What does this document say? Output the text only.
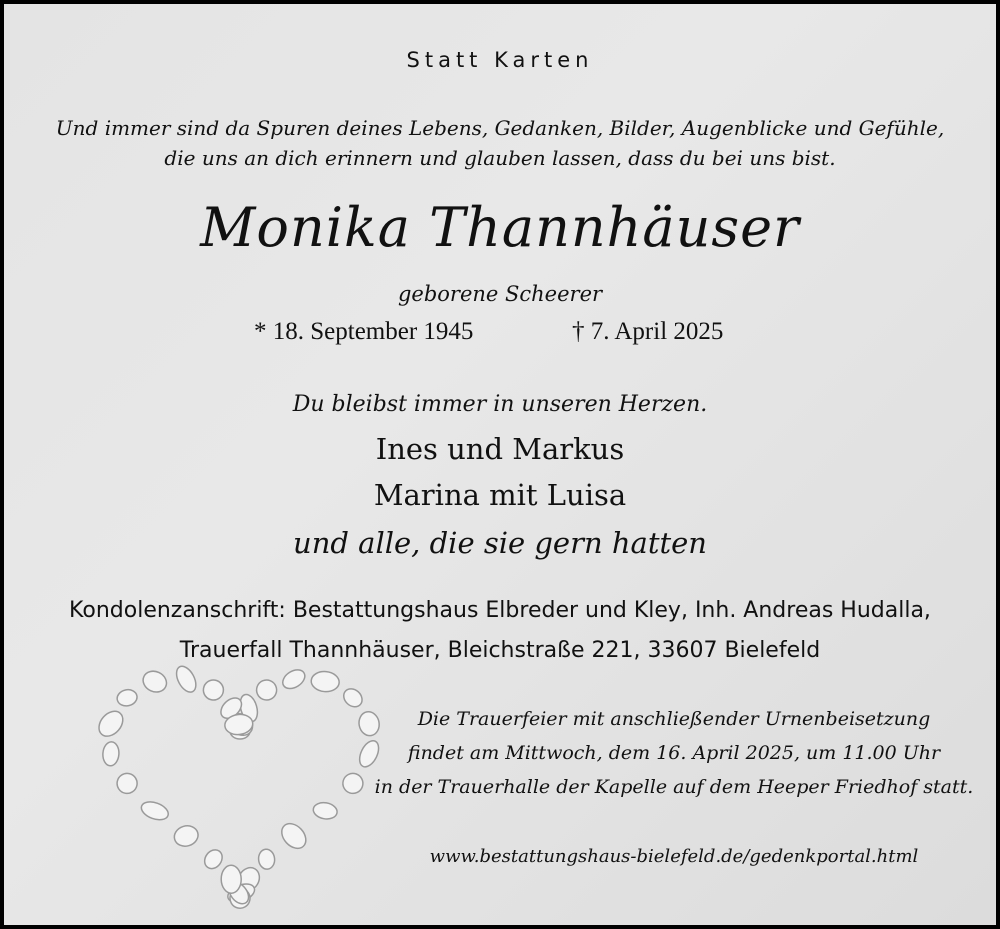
Statt Karten
Und immer sind da Spuren deines Lebens, Gedanken, Bilder, Augenblicke und Gefühle,
die uns an dich erinnern und glauben lassen, dass du bei uns bist.
Monika Thannhäuser
geborene Scheerer
* 18. September 1945	† 7. April 2025
Du bleibst immer in unseren Herzen.
Ines und Markus
Marina mit Luisa
und alle, die sie gern hatten
Kondolenzanschrift: Bestattungshaus Elbreder und Kley, Inh. Andreas Hudalla,
Trauerfall Thannhäuser, Bleichstraße 221, 33607 Bielefeld
Die Trauerfeier mit anschließender Urnenbeisetzung
findet am Mittwoch, dem 16. April 2025, um 11.00 Uhr
in der Trauerhalle der Kapelle auf dem Heeper Friedhof statt.
www.bestattungshaus-bielefeld.de/gedenkportal.html
